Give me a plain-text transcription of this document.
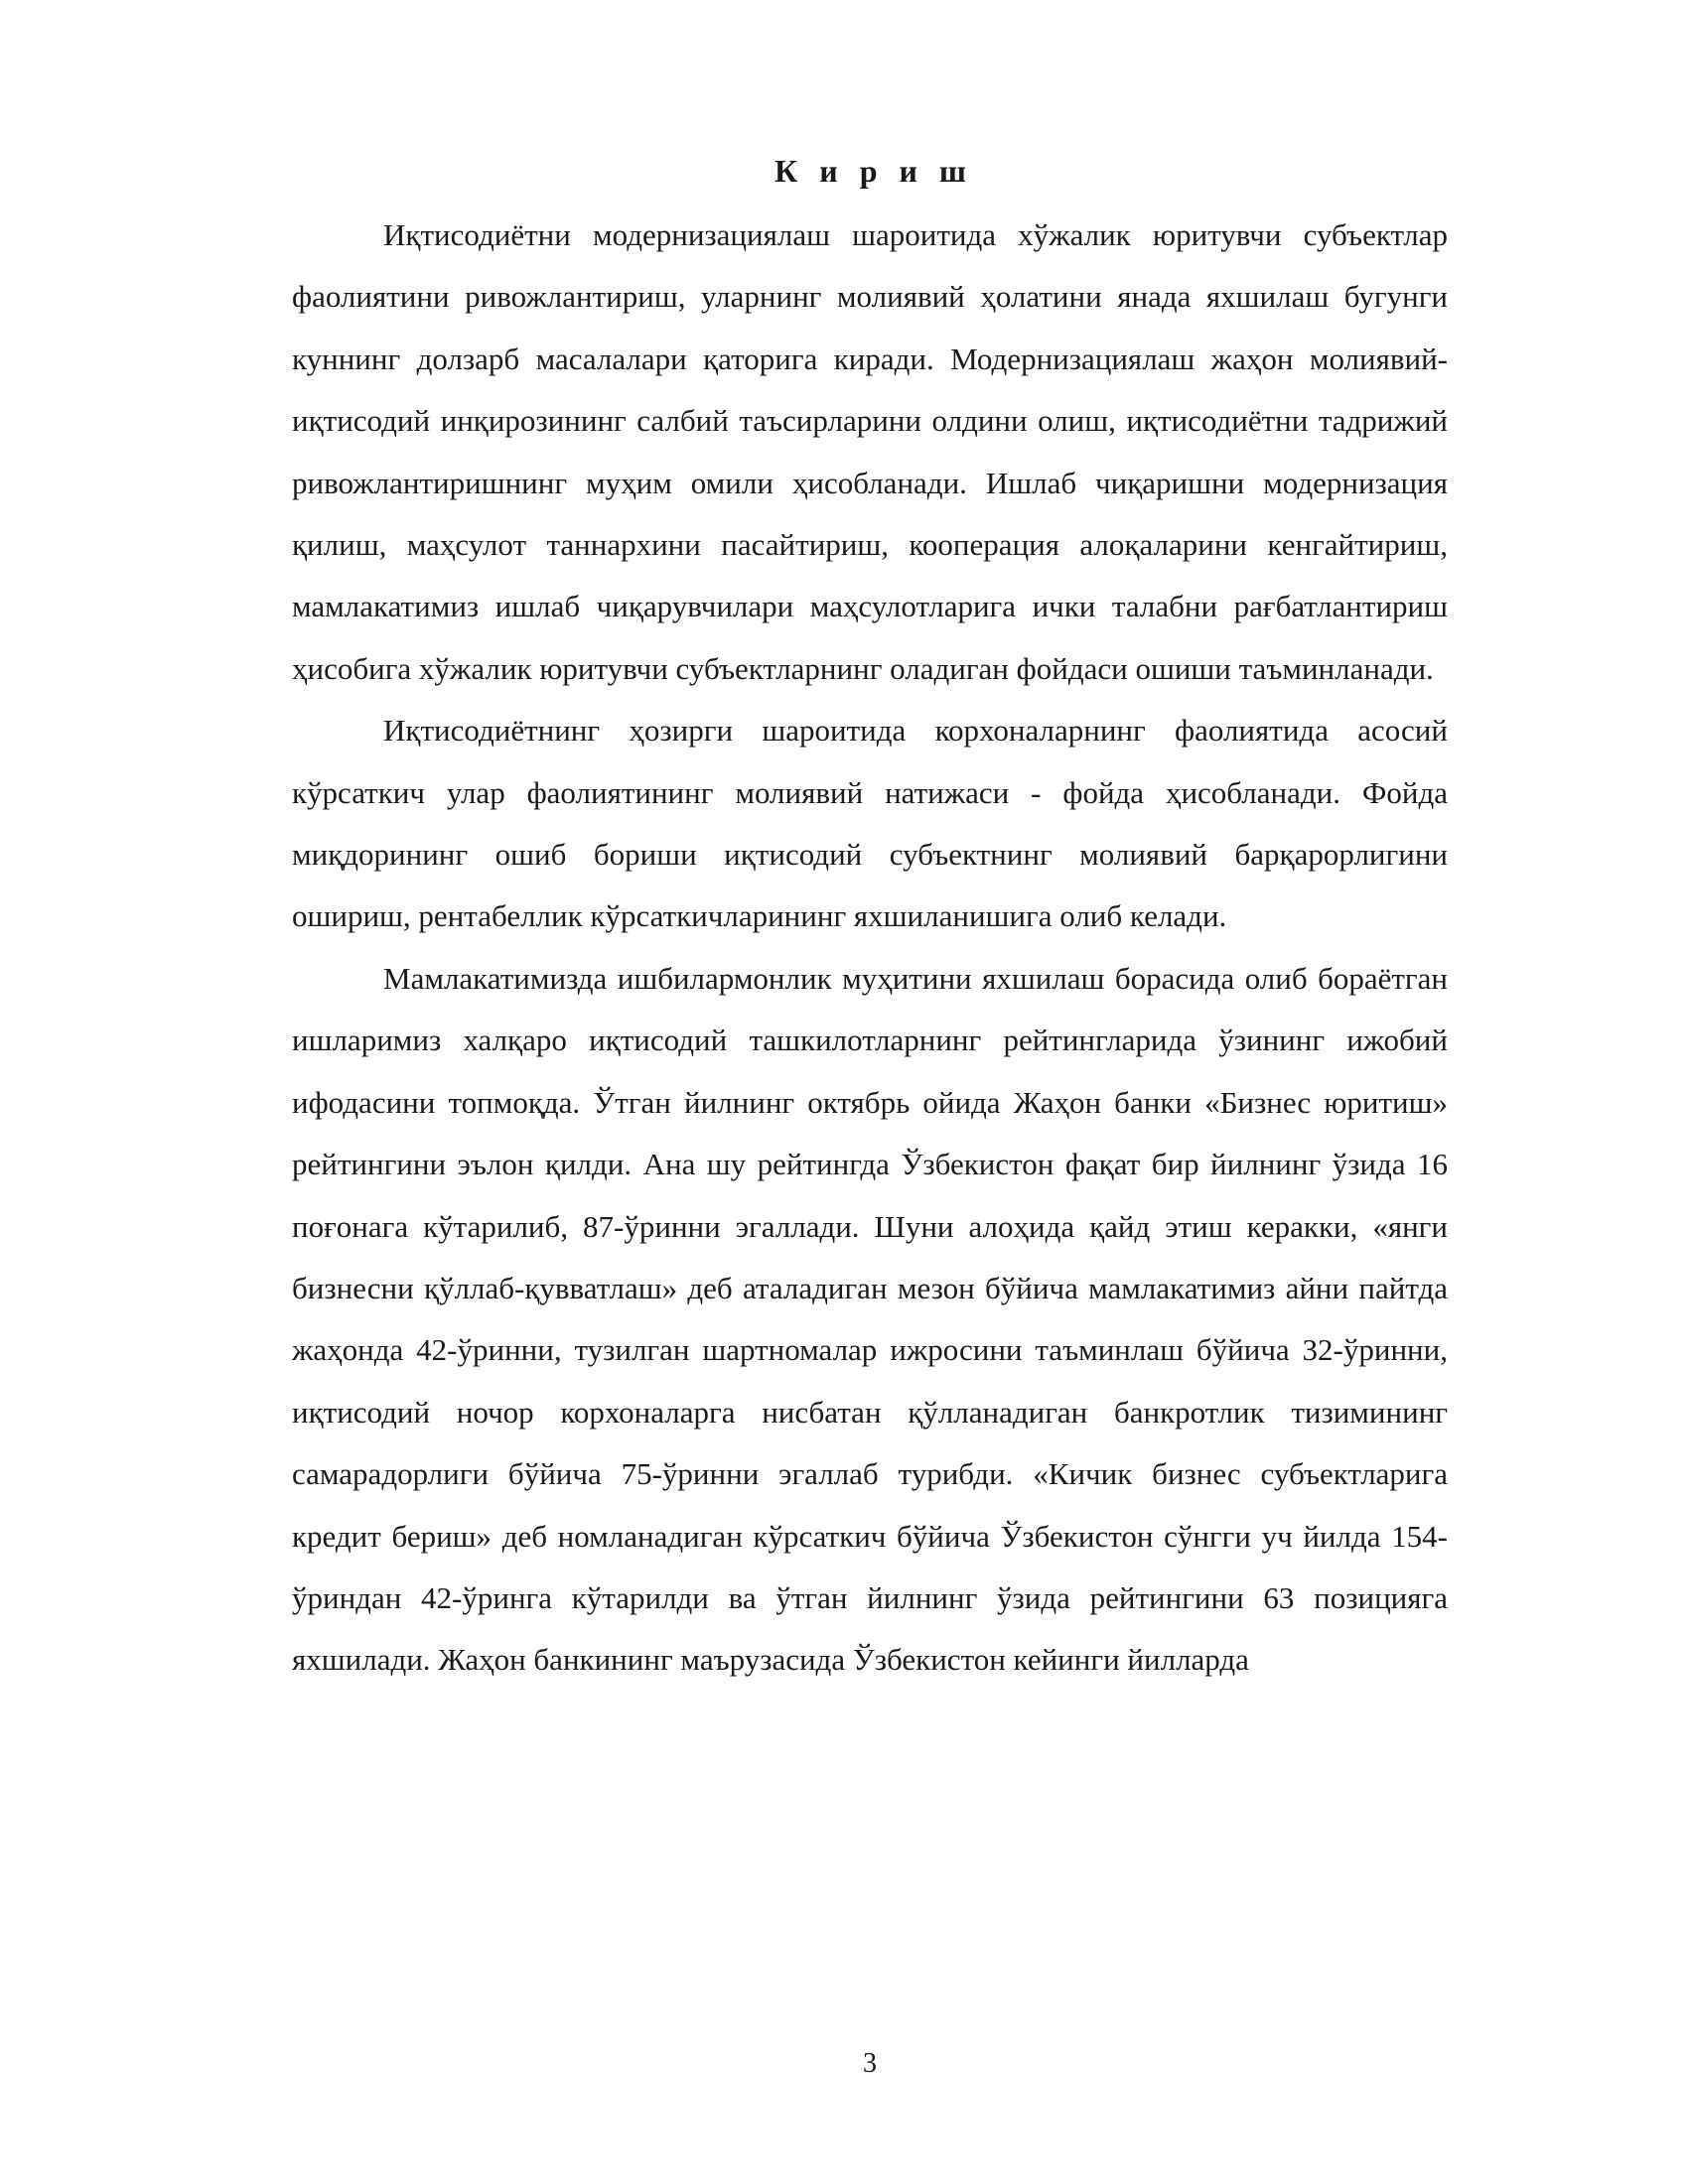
К и р и ш

Иқтисодиётни модернизациялаш шароитида хўжалик юритувчи субъектлар фаолиятини ривожлантириш, уларнинг молиявий ҳолатини янада яхшилаш бугунги куннинг долзарб масалалари қаторига киради. Модернизациялаш жаҳон молиявий-иқтисодий инқирозининг салбий таъсирларини олдини олиш, иқтисодиётни тадрижий ривожлантиришнинг муҳим омили ҳисобланади. Ишлаб чиқаришни модернизация қилиш, маҳсулот таннархини пасайтириш, кооперация алоқаларини кенгайтириш, мамлакатимиз ишлаб чиқарувчилари маҳсулотларига ички талабни рағбатлантириш ҳисобига хўжалик юритувчи субъектларнинг оладиган фойдаси ошиши таъминланади.

Иқтисодиётнинг ҳозирги шароитида корхоналарнинг фаолиятида асосий кўрсаткич улар фаолиятининг молиявий натижаси - фойда ҳисобланади. Фойда миқдорининг ошиб бориши иқтисодий субъектнинг молиявий барқарорлигини ошириш, рентабеллик кўрсаткичларининг яхшиланишига олиб келади.

Мамлакатимизда ишбилармонлик муҳитини яхшилаш борасида олиб бораётган ишларимиз халқаро иқтисодий ташкилотларнинг рейтингларида ўзининг ижобий ифодасини топмоқда. Ўтган йилнинг октябрь ойида Жаҳон банки «Бизнес юритиш» рейтингини эълон қилди. Ана шу рейтингда Ўзбекистон фақат бир йилнинг ўзида 16 поғонага кўтарилиб, 87-ўринни эгаллади. Шуни алоҳида қайд этиш керакки, «янги бизнесни қўллаб-қувватлаш» деб аталадиган мезон бўйича мамлакатимиз айни пайтда жаҳонда 42-ўринни, тузилган шартномалар ижросини таъминлаш бўйича 32-ўринни, иқтисодий ночор корхоналарга нисбатан қўлланадиган банкротлик тизимининг самарадорлиги бўйича 75-ўринни эгаллаб турибди. «Кичик бизнес субъектларига кредит бериш» деб номланадиган кўрсаткич бўйича Ўзбекистон сўнгги уч йилда 154-ўриндан 42-ўринга кўтарилди ва ўтган йилнинг ўзида рейтингини 63 позицияга яхшилади. Жаҳон банкининг маърузасида Ўзбекистон кейинги йилларда

3
